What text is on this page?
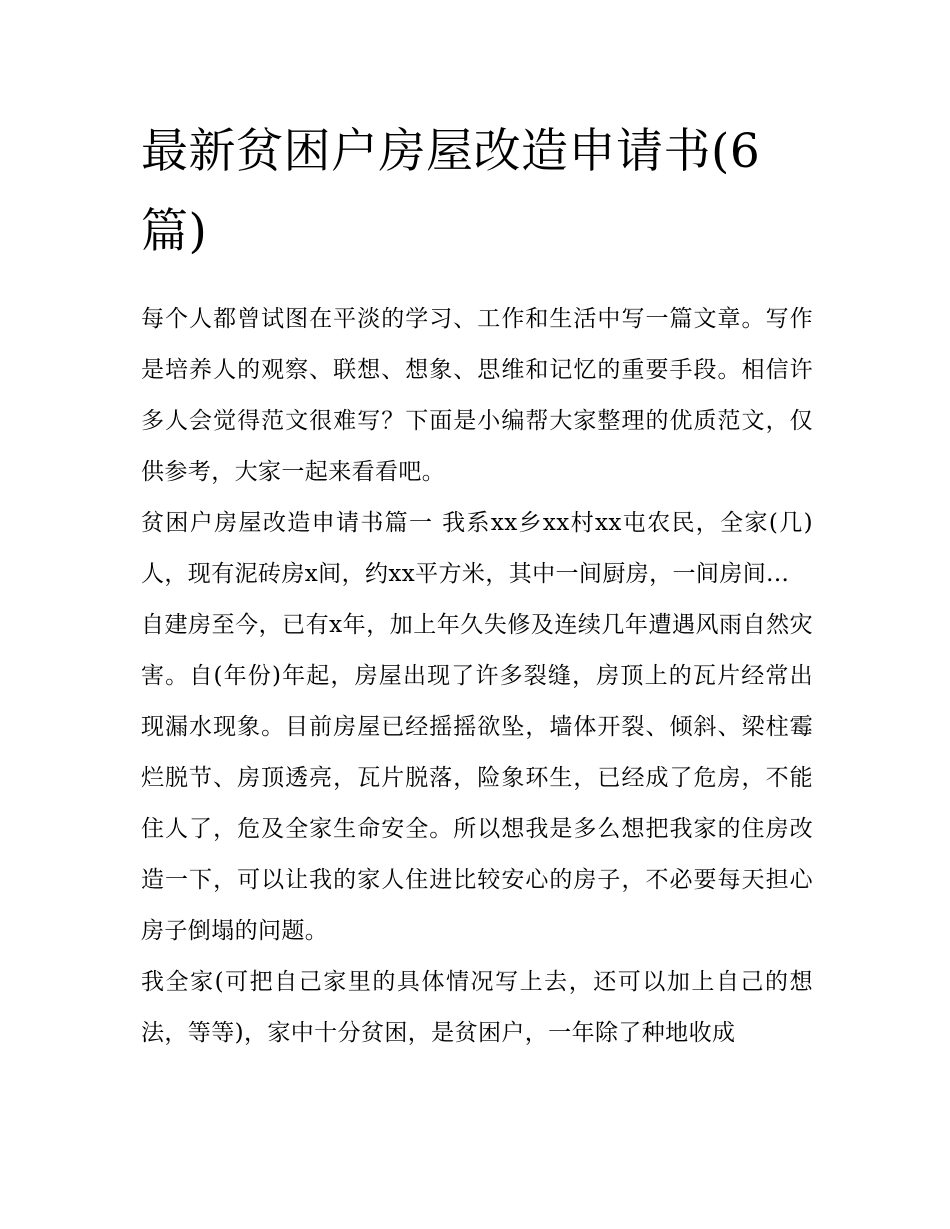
最新贫困户房屋改造申请书(6篇)

每个人都曾试图在平淡的学习、工作和生活中写一篇文章。写作是培养人的观察、联想、想象、思维和记忆的重要手段。相信许多人会觉得范文很难写？下面是小编帮大家整理的优质范文，仅供参考，大家一起来看看吧。

贫困户房屋改造申请书篇一 我系xx乡xx村xx屯农民，全家(几)人，现有泥砖房x间，约xx平方米，其中一间厨房，一间房间...

自建房至今，已有x年，加上年久失修及连续几年遭遇风雨自然灾害。自(年份)年起，房屋出现了许多裂缝，房顶上的瓦片经常出现漏水现象。目前房屋已经摇摇欲坠，墙体开裂、倾斜、梁柱霉烂脱节、房顶透亮，瓦片脱落，险象环生，已经成了危房，不能住人了，危及全家生命安全。所以想我是多么想把我家的住房改造一下，可以让我的家人住进比较安心的房子，不必要每天担心房子倒塌的问题。

我全家(可把自己家里的具体情况写上去，还可以加上自己的想法，等等)，家中十分贫困，是贫困户，一年除了种地收成
